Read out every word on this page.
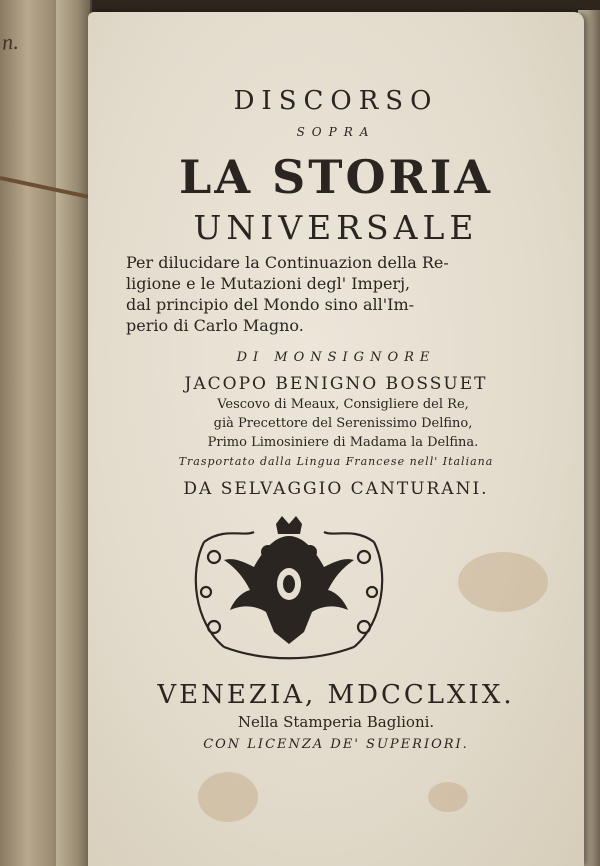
n.
DISCORSO
SOPRA
LA STORIA
UNIVERSALE
Per dilucidare la Continuazion della Re-
ligione e le Mutazioni degl' Imperj,
dal principio del Mondo sino all'Im-
perio di Carlo Magno.
DI MONSIGNORE
JACOPO BENIGNO BOSSUET
Vescovo di Meaux, Consigliere del Re,
già Precettore del Serenissimo Delfino,
Primo Limosiniere di Madama la Delfina.
Trasportato dalla Lingua Francese nell' Italiana
DA SELVAGGIO CANTURANI.
VENEZIA, MDCCLXIX.
Nella Stamperia Baglioni.
CON LICENZA DE' SUPERIORI.
